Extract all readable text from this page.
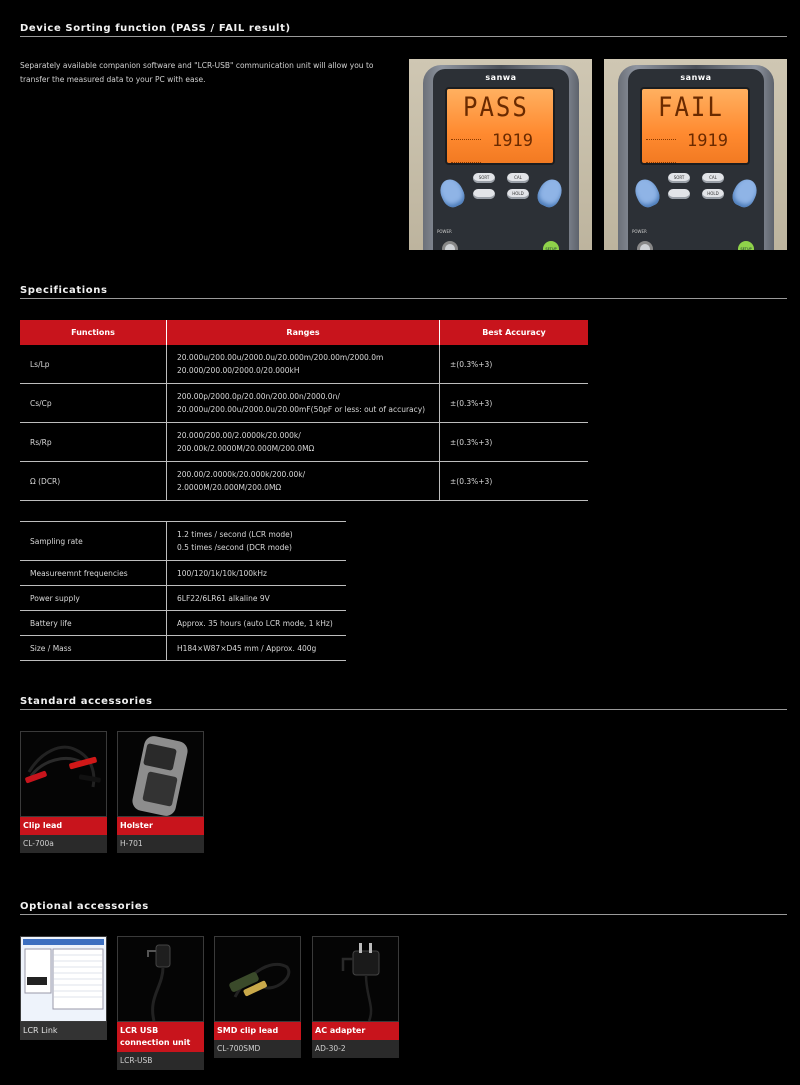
Device Sorting function (PASS / FAIL result)
Separately available companion software and "LCR-USB" communication unit will allow you to
transfer the measured data to your PC with ease.	sanwa
PASS
1919
SORT	CAL
HOLD
POWER
SETUP
sanwa
FAIL
1919
SORT	CAL
HOLD
POWER
SETUP
Specifications
Functions	Ranges	Best Accuracy
Ls/Lp	20.000u/200.00u/2000.0u/20.000m/200.00m/2000.0m
20.000/200.00/2000.0/20.000kH	±(0.3%+3)
Cs/Cp	200.00p/2000.0p/20.00n/200.00n/2000.0n/
20.000u/200.00u/2000.0u/20.00mF(50pF or less: out of accuracy)	±(0.3%+3)
Rs/Rp	20.000/200.00/2.0000k/20.000k/
200.00k/2.0000M/20.000M/200.0MΩ	±(0.3%+3)
Ω (DCR)	200.00/2.0000k/20.000k/200.00k/
2.0000M/20.000M/200.0MΩ	±(0.3%+3)
Sampling rate	1.2 times / second (LCR mode)
0.5 times /second (DCR mode)

Measureemnt frequencies	100/120/1k/10k/100kHz
Power supply	6LF22/6LR61 alkaline 9V
Battery life	Approx. 35 hours (auto LCR mode, 1 kHz)
Size / Mass	H184×W87×D45 mm / Approx. 400g
Standard accessories
Clip lead
CL-700a
Holster
H-701
Optional accessories
LCR Link	LCR USB connection unit
LCR-USB
SMD clip lead
CL-700SMD
AC adapter
AD-30-2
